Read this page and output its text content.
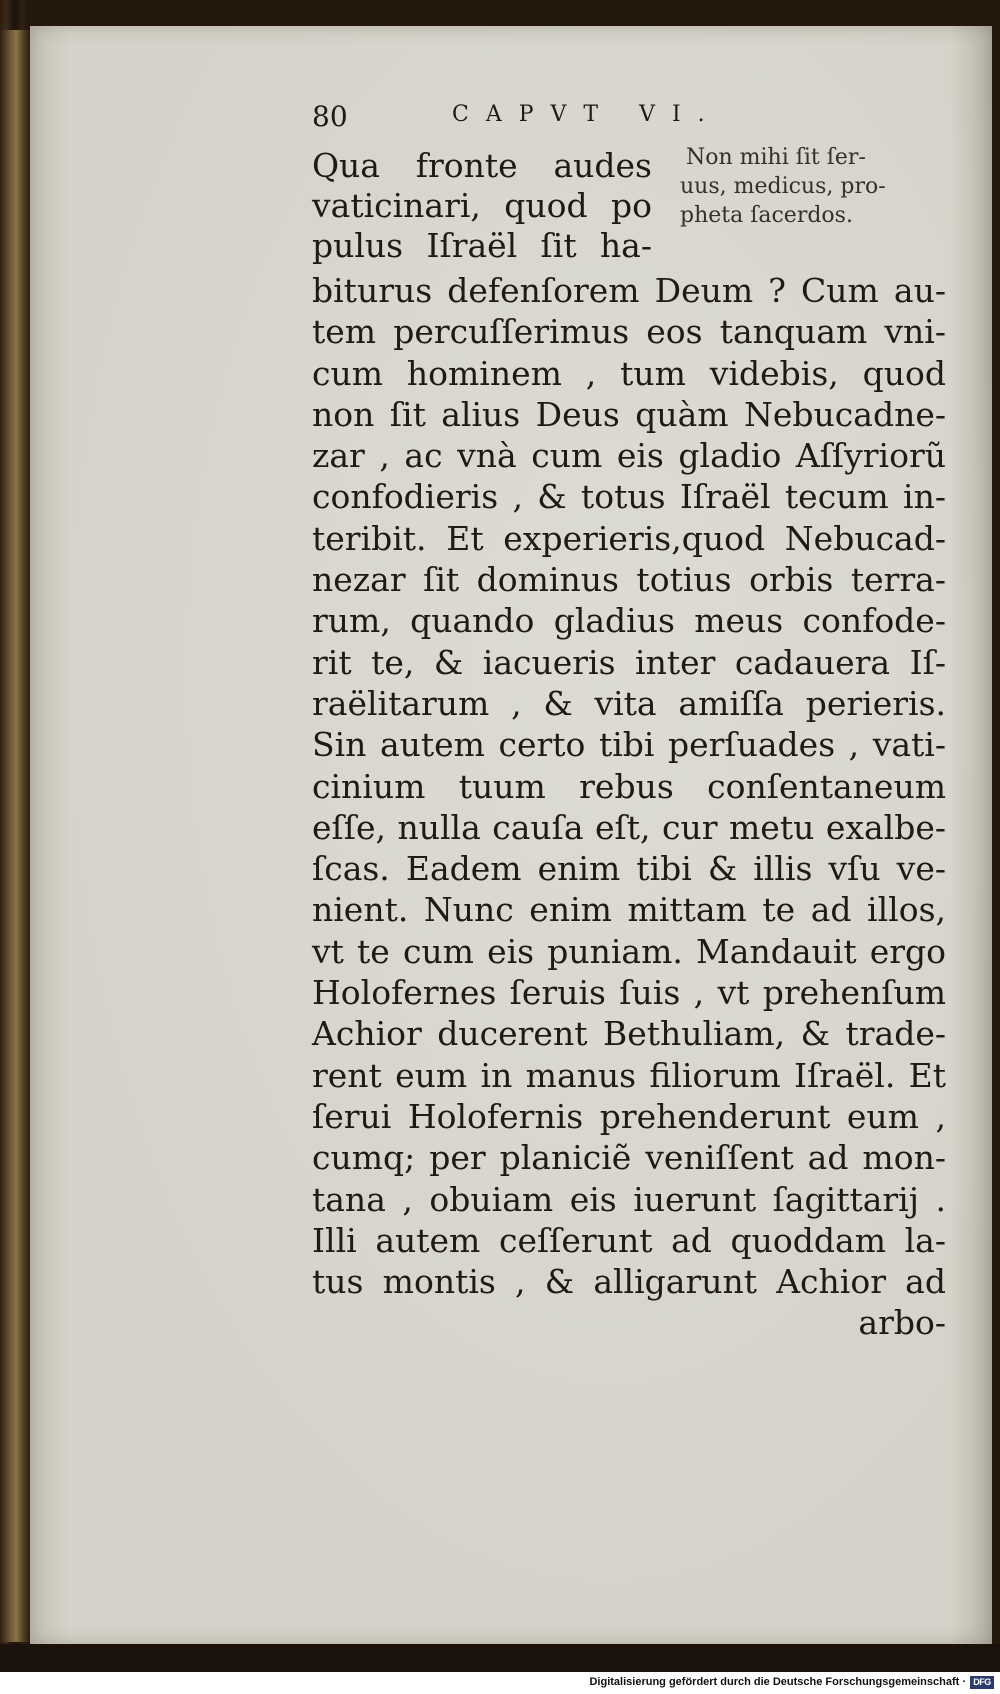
80	CAPVT VI.
Qua fronte audes
vaticinari, quod po
pulus Iſraël ſit ha-
Non mihi ſit ſer-
uus, medicus, pro-
pheta ſacerdos.
biturus defenſorem Deum ? Cum au-
tem percuſſerimus eos tanquam vni-
cum hominem , tum videbis, quod
non ſit alius Deus quàm Nebucadne-
zar , ac vnà cum eis gladio Aſſyriorũ
confodieris , & totus Iſraël tecum in-
teribit. Et experieris,quod Nebucad-
nezar ſit dominus totius orbis terra-
rum, quando gladius meus confode-
rit te, & iacueris inter cadauera Iſ-
raëlitarum , & vita amiſſa perieris.
Sin autem certo tibi perſuades , vati-
cinium tuum rebus conſentaneum
eſſe, nulla cauſa eſt, cur metu exalbe-
ſcas. Eadem enim tibi & illis vſu ve-
nient. Nunc enim mittam te ad illos,
vt te cum eis puniam. Mandauit ergo
Holofernes ſeruis ſuis , vt prehenſum
Achior ducerent Bethuliam, & trade-
rent eum in manus filiorum Iſraël. Et
ſerui Holofernis prehenderunt eum ,
cumq; per planiciẽ veniſſent ad mon-
tana , obuiam eis iuerunt ſagittarij .
Illi autem ceſſerunt ad quoddam la-
tus montis , & alligarunt Achior ad
arbo-
Digitalisierung gefördert durch die Deutsche Forschungsgemeinschaft · DFG
